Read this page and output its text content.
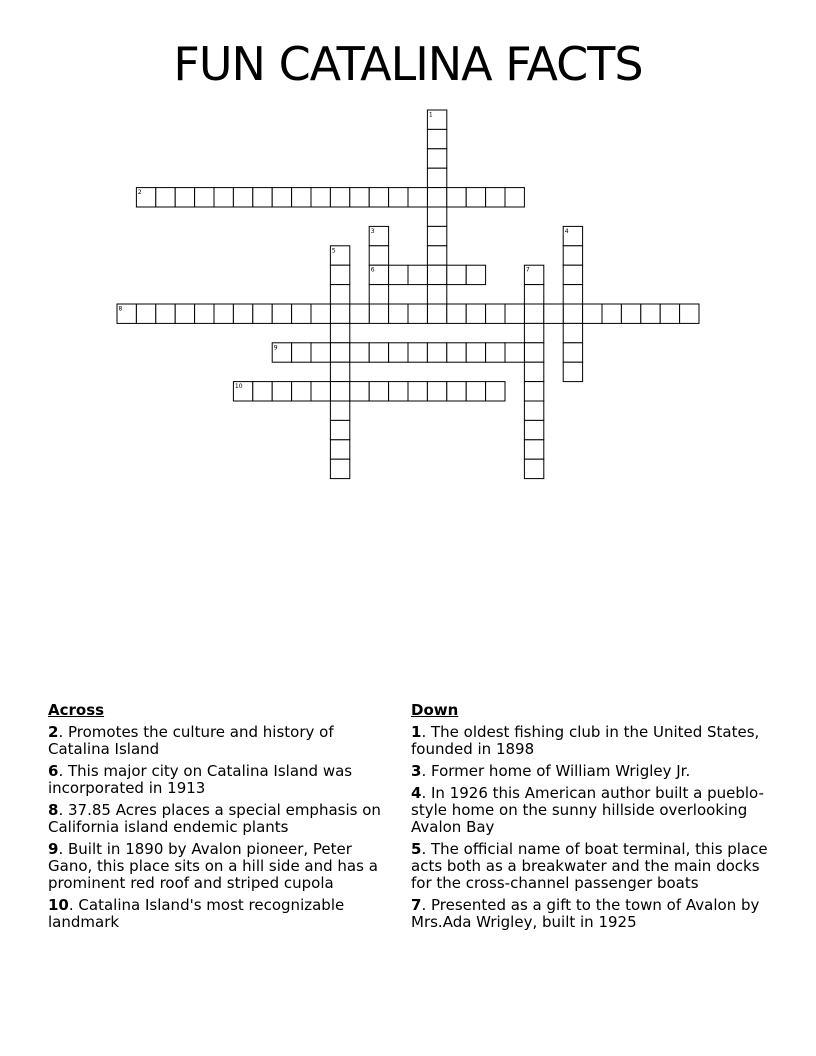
FUN CATALINA FACTS
1
2
3	4
5
6	7
8
9
10
Across
2. Promotes the culture and history of Catalina Island
6. This major city on Catalina Island was incorporated in 1913
8. 37.85 Acres places a special emphasis on California island endemic plants
9. Built in 1890 by Avalon pioneer, Peter Gano, this place sits on a hill side and has a prominent red roof and striped cupola
10. Catalina Island's most recognizable landmark
Down
1. The oldest fishing club in the United States, founded in 1898
3. Former home of William Wrigley Jr.
4. In 1926 this American author built a pueblo-style home on the sunny hillside overlooking Avalon Bay
5. The official name of boat terminal, this place acts both as a breakwater and the main docks for the cross-channel passenger boats
7. Presented as a gift to the town of Avalon by Mrs.Ada Wrigley, built in 1925
